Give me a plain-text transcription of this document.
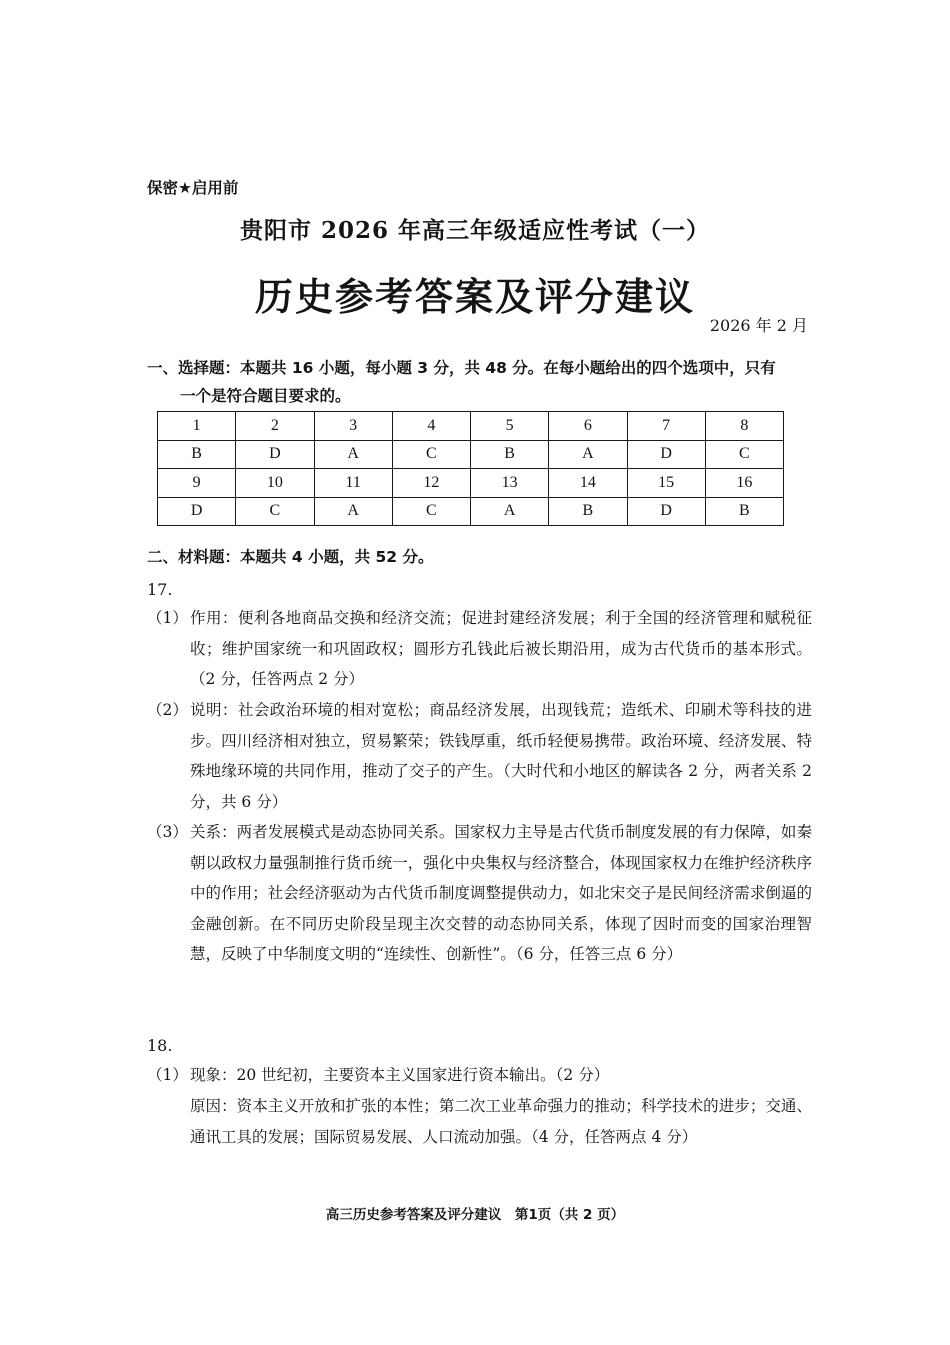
保密★启用前
贵阳市 2026 年高三年级适应性考试（一）
历史参考答案及评分建议
2026 年 2 月
一、选择题：本题共 16 小题，每小题 3 分，共 48 分。在每小题给出的四个选项中，只有
一个是符合题目要求的。
1	2	3	4	5	6	7	8
B	D	A	C	B	A	D	C
9	10	11	12	13	14	15	16
D	C	A	C	A	B	D	B
二、材料题：本题共 4 小题，共 52 分。
17.
（1） 作用：便利各地商品交换和经济交流；促进封建经济发展；利于全国的经济管理和赋税征收；维护国家统一和巩固政权；圆形方孔钱此后被长期沿用，成为古代货币的基本形式。（2 分，任答两点 2 分）
（2） 说明：社会政治环境的相对宽松；商品经济发展，出现钱荒；造纸术、印刷术等科技的进步。四川经济相对独立，贸易繁荣；铁钱厚重，纸币轻便易携带。政治环境、经济发展、特殊地缘环境的共同作用，推动了交子的产生。（大时代和小地区的解读各 2 分，两者关系 2 分，共 6 分）
（3） 关系：两者发展模式是动态协同关系。国家权力主导是古代货币制度发展的有力保障，如秦朝以政权力量强制推行货币统一，强化中央集权与经济整合，体现国家权力在维护经济秩序中的作用；社会经济驱动为古代货币制度调整提供动力，如北宋交子是民间经济需求倒逼的金融创新。在不同历史阶段呈现主次交替的动态协同关系，体现了因时而变的国家治理智慧，反映了中华制度文明的“连续性、创新性”。（6 分，任答三点 6 分）
18.
（1） 现象：20 世纪初，主要资本主义国家进行资本输出。（2 分）
原因：资本主义开放和扩张的本性；第二次工业革命强力的推动；科学技术的进步；交通、通讯工具的发展；国际贸易发展、人口流动加强。（4 分，任答两点 4 分）
高三历史参考答案及评分建议　第1页（共 2 页）
